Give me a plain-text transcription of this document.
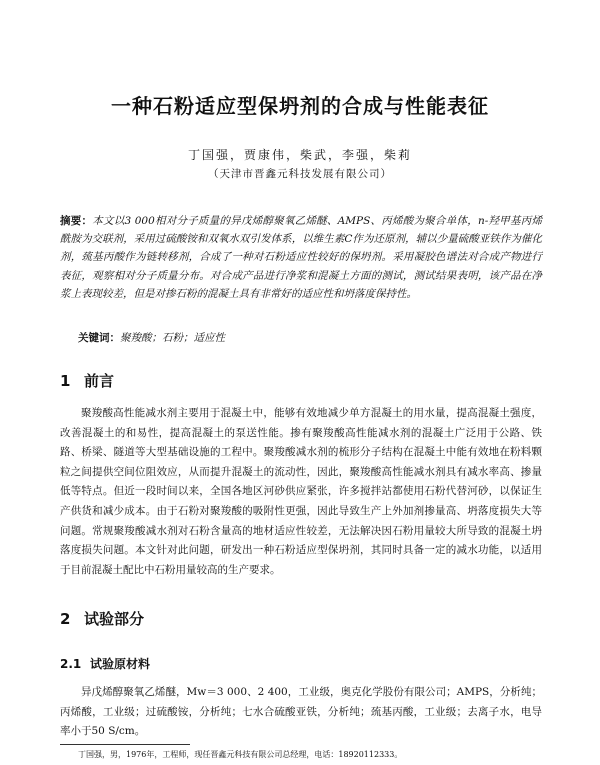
一种石粉适应型保坍剂的合成与性能表征
丁国强，贾康伟，柴武，李强，柴莉
（天津市晋鑫元科技发展有限公司）
摘要：本文以3 000相对分子质量的异戊烯醇聚氧乙烯醚、AMPS、丙烯酸为聚合单体，n-羟甲基丙烯酰胺为交联剂，采用过硫酸铵和双氧水双引发体系，以维生素C作为还原剂，辅以少量硫酸亚铁作为催化剂，巯基丙酸作为链转移剂，合成了一种对石粉适应性较好的保坍剂。采用凝胶色谱法对合成产物进行表征，观察相对分子质量分布。对合成产品进行净浆和混凝土方面的测试，测试结果表明，该产品在净浆上表现较差，但是对掺石粉的混凝土具有非常好的适应性和坍落度保持性。
关键词：聚羧酸；石粉；适应性
1 前言
聚羧酸高性能减水剂主要用于混凝土中，能够有效地减少单方混凝土的用水量，提高混凝土强度，改善混凝土的和易性，提高混凝土的泵送性能。掺有聚羧酸高性能减水剂的混凝土广泛用于公路、铁路、桥梁、隧道等大型基础设施的工程中。聚羧酸减水剂的梳形分子结构在混凝土中能有效地在粉料颗粒之间提供空间位阻效应，从而提升混凝土的流动性，因此，聚羧酸高性能减水剂具有减水率高、掺量低等特点。但近一段时间以来，全国各地区河砂供应紧张，许多搅拌站都使用石粉代替河砂，以保证生产供货和减少成本。由于石粉对聚羧酸的吸附性更强，因此导致生产上外加剂掺量高、坍落度损失大等问题。常规聚羧酸减水剂对石粉含量高的地材适应性较差，无法解决因石粉用量较大所导致的混凝土坍落度损失问题。本文针对此问题，研发出一种石粉适应型保坍剂，其同时具备一定的减水功能，以适用于目前混凝土配比中石粉用量较高的生产要求。
2 试验部分
2.1 试验原材料
异戊烯醇聚氧乙烯醚，Mw＝3 000、2 400，工业级，奥克化学股份有限公司；AMPS，分析纯；丙烯酸，工业级；过硫酸铵，分析纯；七水合硫酸亚铁，分析纯；巯基丙酸，工业级；去离子水，电导率小于50 S/cm。
丁国强，男，1976年，工程师，现任晋鑫元科技有限公司总经理，电话：18920112333。
